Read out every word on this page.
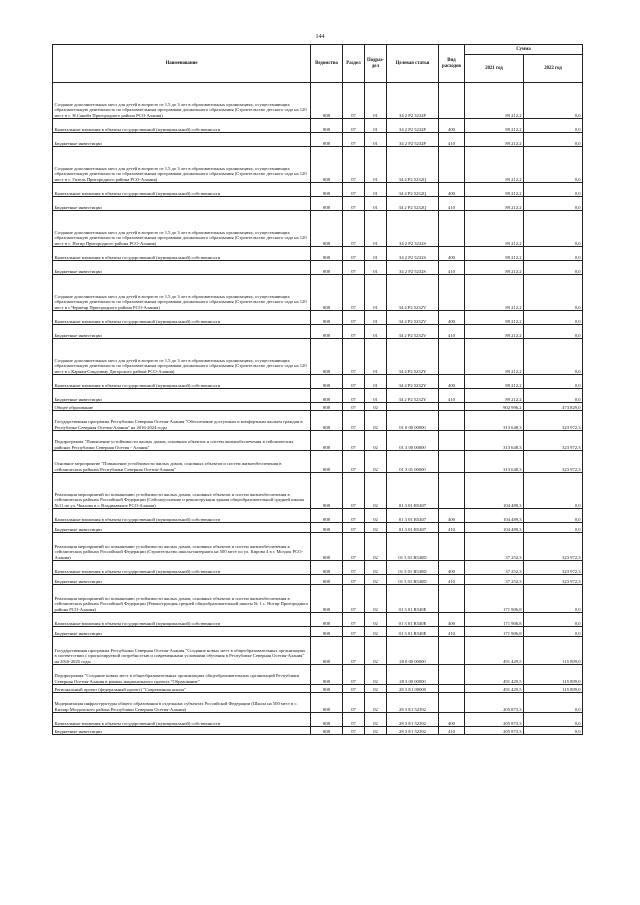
144
Наименование	Ведомство	Раздел	Подраз-
дел	Целевая статья	Вид
расходов	Сумма	
						2021 год	2022 год
Создание дополнительных мест для детей в возрасте от 1,5 до 3 лет в образовательных организациях, осуществляющих образовательную деятельность по образовательным программам дошкольного образования (Строительство детского сада на 120 мест в с. Н.Саниба Пригородного района РСО-Алания)	808	07	01	34 2 P2 5232P		89 212,2	0,0
Капитальные вложения в объекты государственной (муниципальной) собственности	808	07	01	34 2 P2 5232P	400	89 212,2	0,0
Бюджетные инвестиции	808	07	01	34 2 P2 5232P	410	89 212,2	0,0
Создание дополнительных мест для детей в возрасте от 1,5 до 3 лет в образовательных организациях, осуществляющих образовательную деятельность по образовательным программам дошкольного образования (Строительство детского сада на 120 мест в с. Гизель Пригородного района РСО-Алания)	808	07	01	34 2 P2 5232Q		89 212,2	0,0
Капитальные вложения в объекты государственной (муниципальной) собственности	808	07	01	34 2 P2 5232Q	400	89 212,2	0,0
Бюджетные инвестиции	808	07	01	34 2 P2 5232Q	410	89 212,2	0,0
Создание дополнительных мест для детей в возрасте от 1,5 до 3 лет в образовательных организациях, осуществляющих образовательную деятельность по образовательным программам дошкольного образования (Строительство детского сада на 120 мест в с. Ногир Пригородного района РСО-Алания)	808	07	01	34 2 P2 5232S		89 212,2	0,0
Капитальные вложения в объекты государственной (муниципальной) собственности	808	07	01	34 2 P2 5232S	400	89 212,2	0,0
Бюджетные инвестиции	808	07	01	34 2 P2 5232S	410	89 212,2	0,0
Создание дополнительных мест для детей в возрасте от 1,5 до 3 лет в образовательных организациях, осуществляющих образовательную деятельность по образовательным программам дошкольного образования (Строительство детского сада на 120 мест в с.Черменр Пригородного района РСО-Алания)	808	07	01	34 2 P2 5232V		89 212,2	0,0
Капитальные вложения в объекты государственной (муниципальной) собственности	808	07	01	34 2 P2 5232V	400	89 212,2	0,0
Бюджетные инвестиции	808	07	01	34 2 P2 5232V	410	89 212,2	0,0
Создание дополнительных мест для детей в возрасте от 1,5 до 3 лет в образовательных организациях, осуществляющих образовательную деятельность по образовательным программам дошкольного образования (Строительство детского сада на 120 мест в с.Карман-Синдзикау Дигорского района РСО-Алания)	808	07	01	34 2 P2 5232Y		89 212,2	0,0
Капитальные вложения в объекты государственной (муниципальной) собственности	808	07	01	34 2 P2 5232Y	400	89 212,2	0,0
Бюджетные инвестиции	808	07	01	34 2 P2 5232Y	410	89 212,2	0,0
Общее образование	808	07	02			902 996,2	473 829,0
Государственная программа Республики Северная Осетия-Алания "Обеспечение доступным и комфортным жильем граждан в Республике Северная Осетия-Алания" на 2016-2024 годы	808	07	02	01 0 00 00000		313 648,3	323 972,3
Подпрограмма "Повышение устойчивости жилых домов, основных объектов и систем жизнеобеспечения в сейсмических районах Республики Северная Осетия - Алания"	808	07	02	01 3 00 00000		313 648,3	323 972,3
Основное мероприятие "Повышение устойчивости жилых домов, основных объектов и систем жизнеобеспечения в сейсмических районах Республики Северная Осетия-Алания"	808	07	02	01 3 01 00000		313 648,3	323 972,3
Реализация мероприятий по повышению устойчивости жилых домов, основных объектов и систем жизнеобеспечения в сейсмических районах Российской Федерации (Сейсмоусиление и реконструкция здания общеобразовательной средней школы №11 по ул. Чкалова в г. Владикавказе РСО-Алания)	808	07	02	01 3 01 R5407		104 489,3	0,0
Капитальные вложения в объекты государственной (муниципальной) собственности	808	07	02	01 3 01 R5407	400	104 489,3	0,0
Бюджетные инвестиции	808	07	02	01 3 01 R5407	410	104 489,3	0,0
Реализация мероприятий по повышению устойчивости жилых домов, основных объектов и систем жизнеобеспечения в сейсмических районах Российской Федерации (Строительство школы-интерната на 500 мест по ул. Кирова 4 в г. Моздок РСО-Алания)	808	07	02	01 3 01 R540D		37 252,3	323 972,3
Капитальные вложения в объекты государственной (муниципальной) собственности	808	07	02	01 3 01 R540D	400	37 252,3	323 972,3
Бюджетные инвестиции	808	07	02	01 3 01 R540D	410	37 252,3	323 972,3
Реализация мероприятий по повышению устойчивости жилых домов, основных объектов и систем жизнеобеспечения в сейсмических районах Российской Федерации (Реконструкция средней общеобразовательной школы № 1 с. Ногир Пригородного района РСО-Алания)	808	07	02	01 3 01 R540E		171 906,8	0,0
Капитальные вложения в объекты государственной (муниципальной) собственности	808	07	02	01 3 01 R540E	400	171 906,8	0,0
Бюджетные инвестиции	808	07	02	01 3 01 R540E	410	171 906,8	0,0
Государственная программа Республики Северная Осетия-Алания "Создание новых мест в общеобразовательных организациях в соответствии с прогнозируемой потребностью и современными условиями обучения в Республике Северная Осетия-Алания" на 2016-2025 годы	808	07	02	28 0 00 00000		491 429,5	115 809,0
Подпрограмма "Создание новых мест в общеобразовательных организациях общеобразовательных организаций Республики Северная Осетия-Алания в рамках национального проекта "Образование"	808	07	02	28 3 00 00000		491 429,5	115 809,0
Региональный проект (федеральный проект) "Современная школа"	808	07	02	28 3 E1 00000		491 429,5	115 809,0
Модернизация инфраструктуры общего образования в отдельных субъектах Российской Федерации (Школа на 500 мест в с. Кизляр Моздокского района Республики Северная Осетия-Алания)	808	07	02	28 3 E1 52392		205 873,3	0,0
Капитальные вложения в объекты государственной (муниципальной) собственности	808	07	02	28 3 E1 52392	400	205 873,3	0,0
Бюджетные инвестиции	808	07	02	28 3 E1 52392	410	205 873,3	0,0
